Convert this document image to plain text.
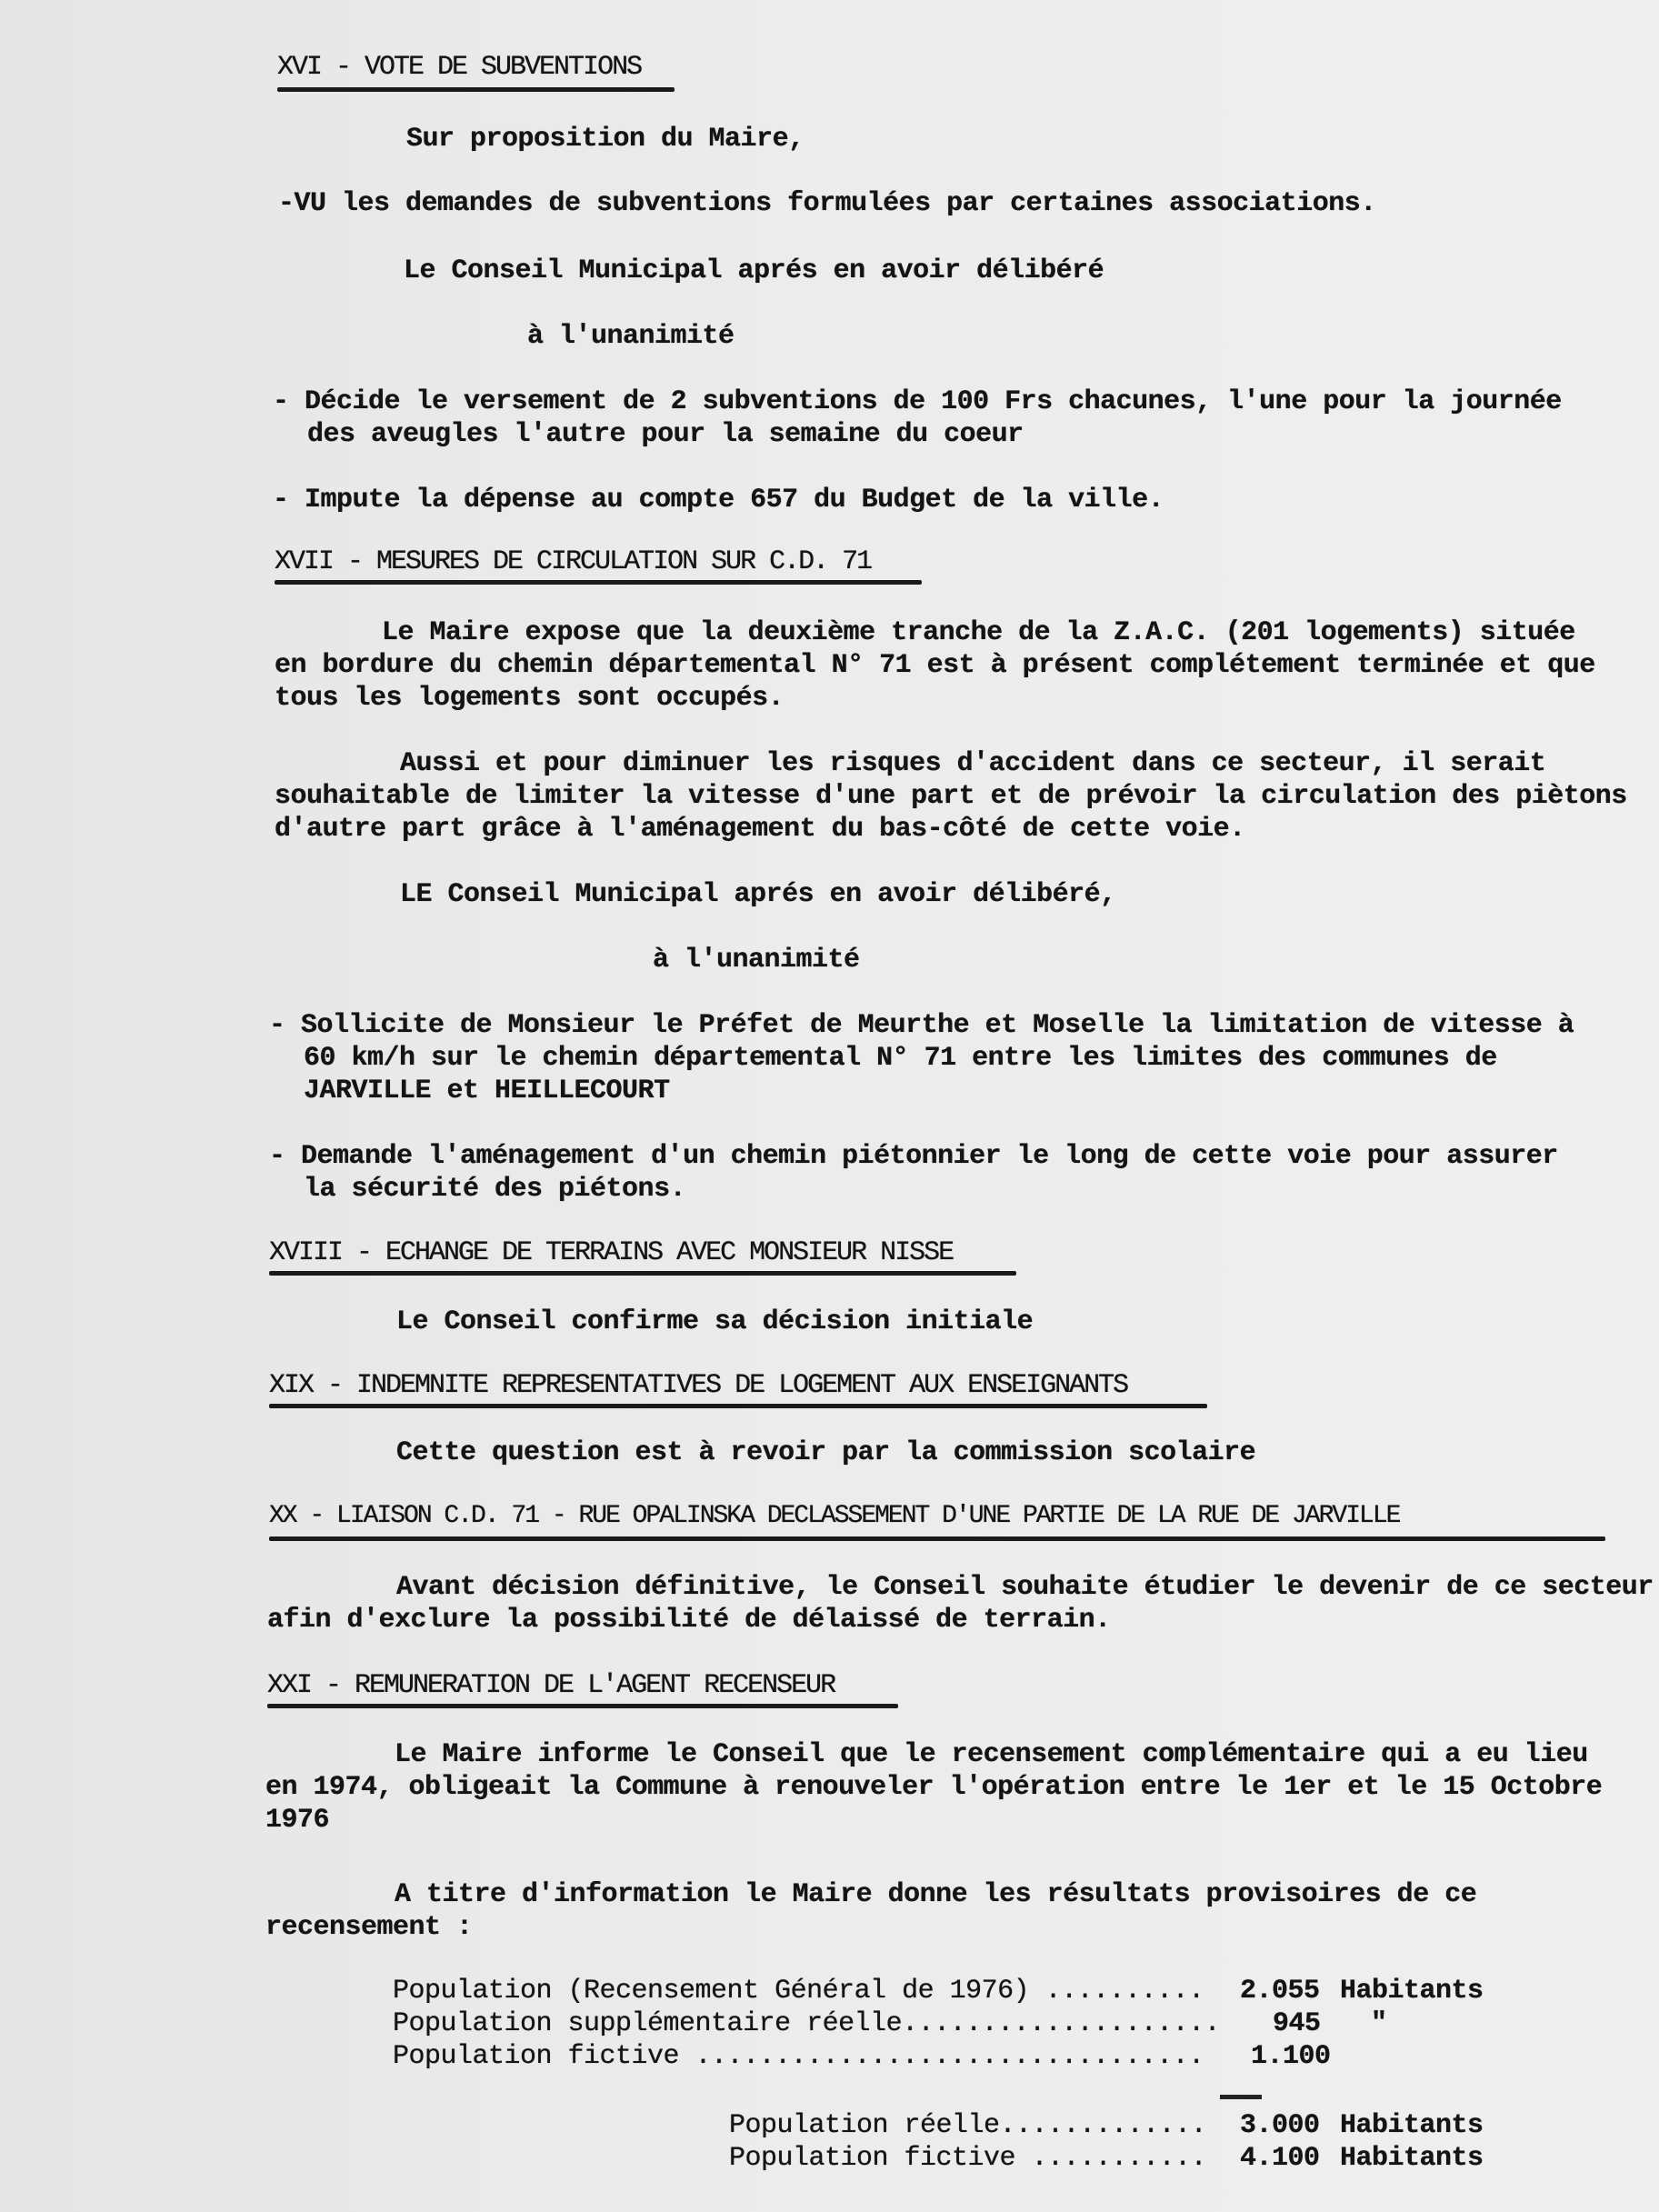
XVI - VOTE DE SUBVENTIONS
Sur proposition du Maire,
-VU les demandes de subventions formulées par certaines associations.
Le Conseil Municipal aprés en avoir délibéré
à l'unanimité
- Décide le versement de 2 subventions de 100 Frs chacunes, l'une pour la journée
des aveugles l'autre pour la semaine du coeur
- Impute la dépense au compte 657 du Budget de la ville.
XVII - MESURES DE CIRCULATION SUR C.D. 71
Le Maire expose que la deuxième tranche de la Z.A.C. (201 logements) située
en bordure du chemin départemental N° 71 est à présent complétement terminée et que
tous les logements sont occupés.
Aussi et pour diminuer les risques d'accident dans ce secteur, il serait
souhaitable de limiter la vitesse d'une part et de prévoir la circulation des piètons
d'autre part grâce à l'aménagement du bas-côté de cette voie.
LE Conseil Municipal aprés en avoir délibéré,
à l'unanimité
- Sollicite de Monsieur le Préfet de Meurthe et Moselle la limitation de vitesse à
60 km/h sur le chemin départemental N° 71 entre les limites des communes de
JARVILLE et HEILLECOURT
- Demande l'aménagement d'un chemin piétonnier le long de cette voie pour assurer
la sécurité des piétons.
XVIII - ECHANGE DE TERRAINS AVEC MONSIEUR NISSE
Le Conseil confirme sa décision initiale
XIX - INDEMNITE REPRESENTATIVES DE LOGEMENT AUX ENSEIGNANTS
Cette question est à revoir par la commission scolaire
XX - LIAISON C.D. 71 - RUE OPALINSKA DECLASSEMENT D'UNE PARTIE DE LA RUE DE JARVILLE
Avant décision définitive, le Conseil souhaite étudier le devenir de ce secteur
afin d'exclure la possibilité de délaissé de terrain.
XXI - REMUNERATION DE L'AGENT RECENSEUR
Le Maire informe le Conseil que le recensement complémentaire qui a eu lieu
en 1974, obligeait la Commune à renouveler l'opération entre le 1er et le 15 Octobre
1976
A titre d'information le Maire donne les résultats provisoires de ce
recensement :
Population (Recensement Général de 1976) .......... 2.055 Habitants
Population supplémentaire réelle.................... 945 "
Population fictive ................................ 1.100
Population réelle............. 3.000 Habitants
Population fictive ........... 4.100 Habitants
